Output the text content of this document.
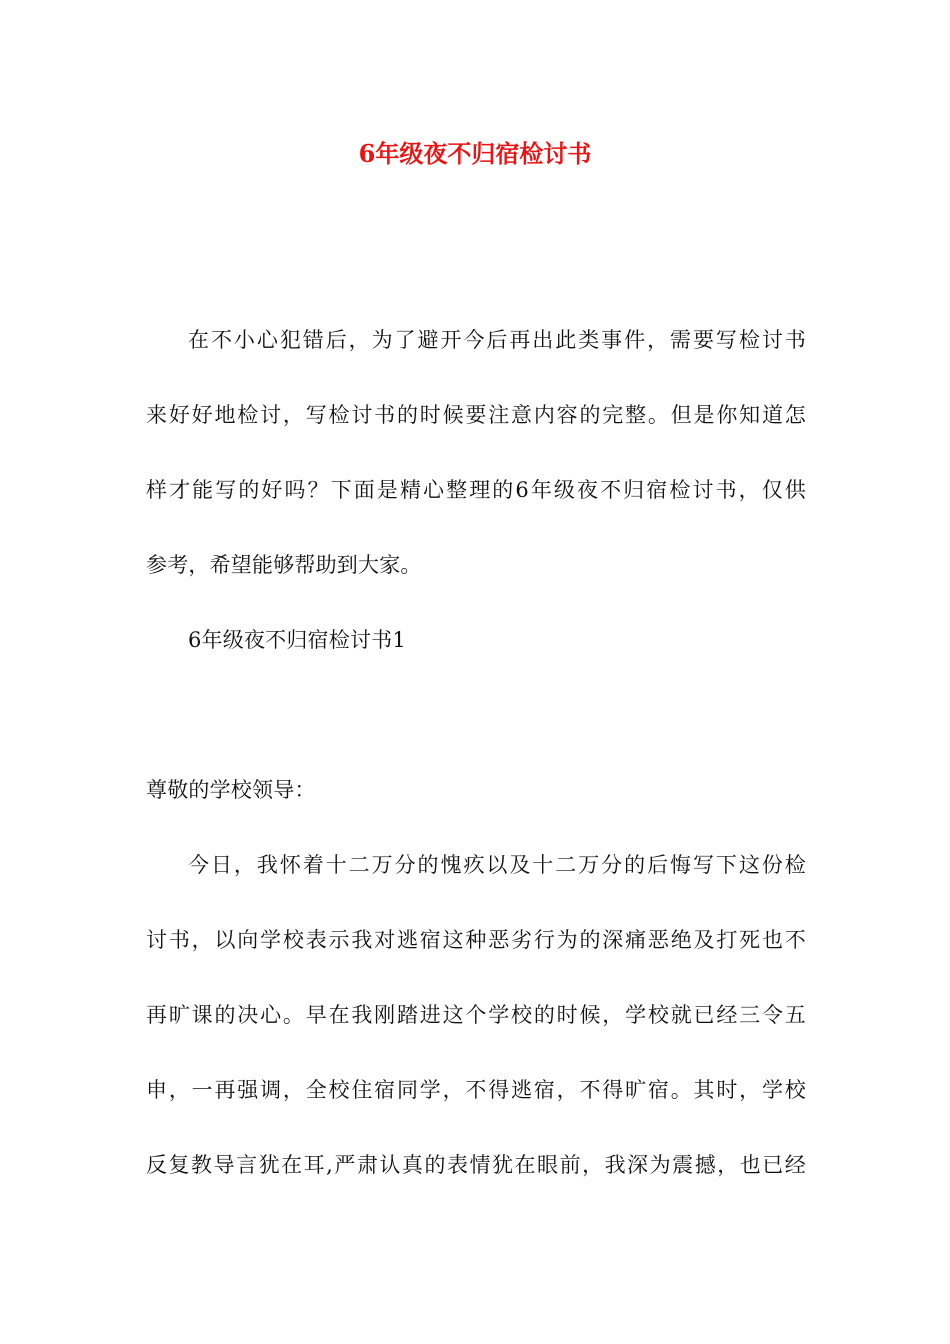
6年级夜不归宿检讨书

在不小心犯错后，为了避开今后再出此类事件，需要写检讨书

来好好地检讨，写检讨书的时候要注意内容的完整。但是你知道怎

样才能写的好吗？下面是精心整理的6年级夜不归宿检讨书，仅供

参考，希望能够帮助到大家。

6年级夜不归宿检讨书1

尊敬的学校领导：

今日，我怀着十二万分的愧疚以及十二万分的后悔写下这份检

讨书，以向学校表示我对逃宿这种恶劣行为的深痛恶绝及打死也不

再旷课的决心。早在我刚踏进这个学校的时候，学校就已经三令五

申，一再强调，全校住宿同学，不得逃宿，不得旷宿。其时，学校

反复教导言犹在耳,严肃认真的表情犹在眼前，我深为震撼，也已经
